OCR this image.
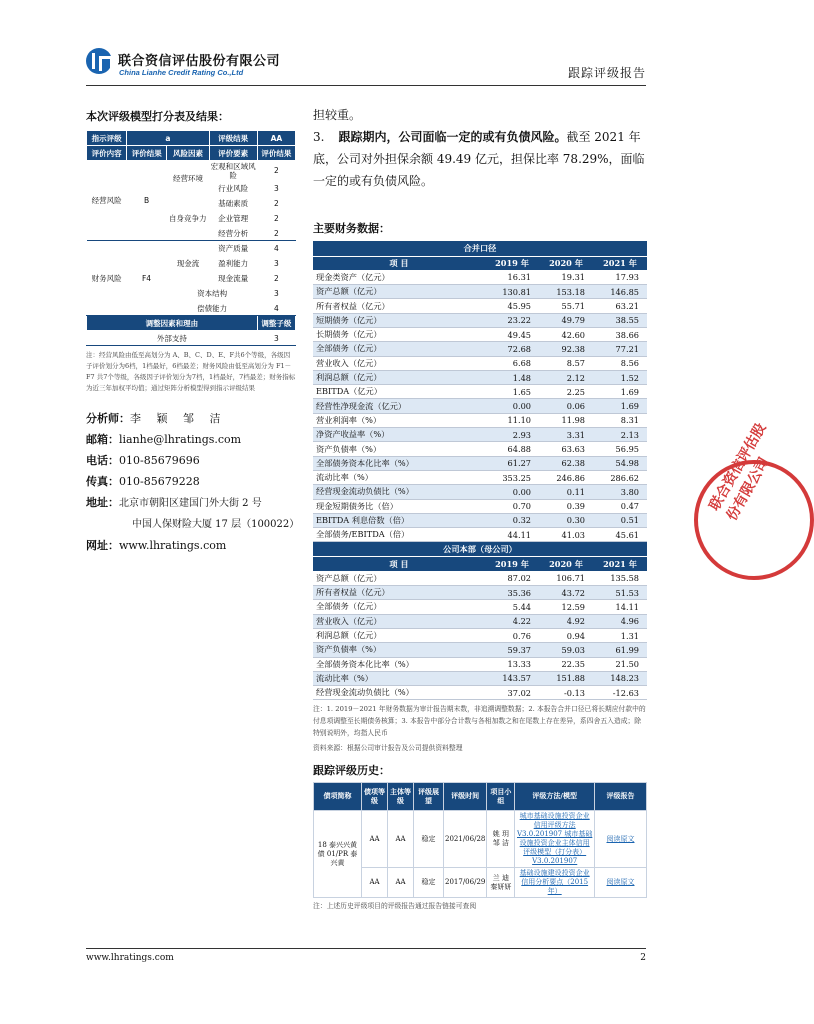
联合资信评估股份有限公司
China Lianhe Credit Rating Co.,Ltd	跟踪评级报告
本次评级模型打分表及结果：
指示评级	a		评级结果	AA
评价内容	评价结果	风险因素	评价要素	评价结果
经营风险	B	经营环境	宏观和区域风险	2
			行业风险	3
		自身竞争力	基础素质	2
			企业管理	2
			经营分析	2
财务风险	F4	现金流	资产质量	4
			盈利能力	3
			现金流量	2
		资本结构		3
		偿债能力		4
调整因素和理由				调整子级
外部支持				3
注：经营风险由低至高划分为 A、B、C、D、E、F共6个等级，各级因子评价划分为6档，1档最好，6档最差；财务风险由低至高划分为 F1－F7 共7个等级，各级因子评价划分为7档，1档最好，7档最差；财务指标为近三年加权平均值；通过矩阵分析模型得到指示评级结果
分析师：李 颖 邹 洁
邮箱：lianhe@lhratings.com
电话：010-85679696
传真：010-85679228
地址：北京市朝阳区建国门外大街 2 号
中国人保财险大厦 17 层（100022）
网址：www.lhratings.com
担较重。
3. 跟踪期内，公司面临一定的或有负债风险。截至 2021 年底，公司对外担保余额 49.49 亿元，担保比率 78.29%，面临一定的或有负债风险。
主要财务数据：
合并口径			
项 目	2019 年	2020 年	2021 年
现金类资产（亿元）	16.31	19.31	17.93
资产总额（亿元）	130.81	153.18	146.85
所有者权益（亿元）	45.95	55.71	63.21
短期债务（亿元）	23.22	49.79	38.55
长期债务（亿元）	49.45	42.60	38.66
全部债务（亿元）	72.68	92.38	77.21
营业收入（亿元）	6.68	8.57	8.56
利润总额（亿元）	1.48	2.12	1.52
EBITDA（亿元）	1.65	2.25	1.69
经营性净现金流（亿元）	0.00	0.06	1.69
营业利润率（%）	11.10	11.98	8.31
净资产收益率（%）	2.93	3.31	2.13
资产负债率（%）	64.88	63.63	56.95
全部债务资本化比率（%）	61.27	62.38	54.98
流动比率（%）	353.25	246.86	286.62
经营现金流动负债比（%）	0.00	0.11	3.80
现金短期债务比（倍）	0.70	0.39	0.47
EBITDA 利息倍数（倍）	0.32	0.30	0.51
全部债务/EBITDA（倍）	44.11	41.03	45.61
公司本部（母公司）			
项 目	2019 年	2020 年	2021 年
资产总额（亿元）	87.02	106.71	135.58
所有者权益（亿元）	35.36	43.72	51.53
全部债务（亿元）	5.44	12.59	14.11
营业收入（亿元）	4.22	4.92	4.96
利润总额（亿元）	0.76	0.94	1.31
资产负债率（%）	59.37	59.03	61.99
全部债务资本化比率（%）	13.33	22.35	21.50
流动比率（%）	143.57	151.88	148.23
经营现金流动负债比（%）	37.02	-0.13	-12.63
注：1. 2019－2021 年财务数据为审计报告期末数，非追溯调整数据；2. 本报告合并口径已将长期应付款中的付息项调整至长期债务核算；3. 本报告中部分合计数与各相加数之和在尾数上存在差异，系四舍五入造成；除特别说明外，均指人民币
资料来源：根据公司审计报告及公司提供资料整理
跟踪评级历史：
债项简称	债项等级	主体等级	评级展望	评级时间	项目小组	评级方法/模型	评级报告
18 泰兴兴黄债 01/PR 泰兴黄	AA	AA	稳定	2021/06/28	姚 玥 邹 洁	城市基础设施投资企业信用评级方法 V3.0.201907 城市基础设施投资企业主体信用评级模型（打分表）V3.0.201907	阅读原文
	AA	AA	稳定	2017/06/29	兰 迪 秦妍妍	基础设施建设投资企业信用分析要点（2015 年）	阅读原文
注：上述历史评级项目的评级报告通过报告链接可查阅
联合资信评估股份有限公司
www.lhratings.com	2
